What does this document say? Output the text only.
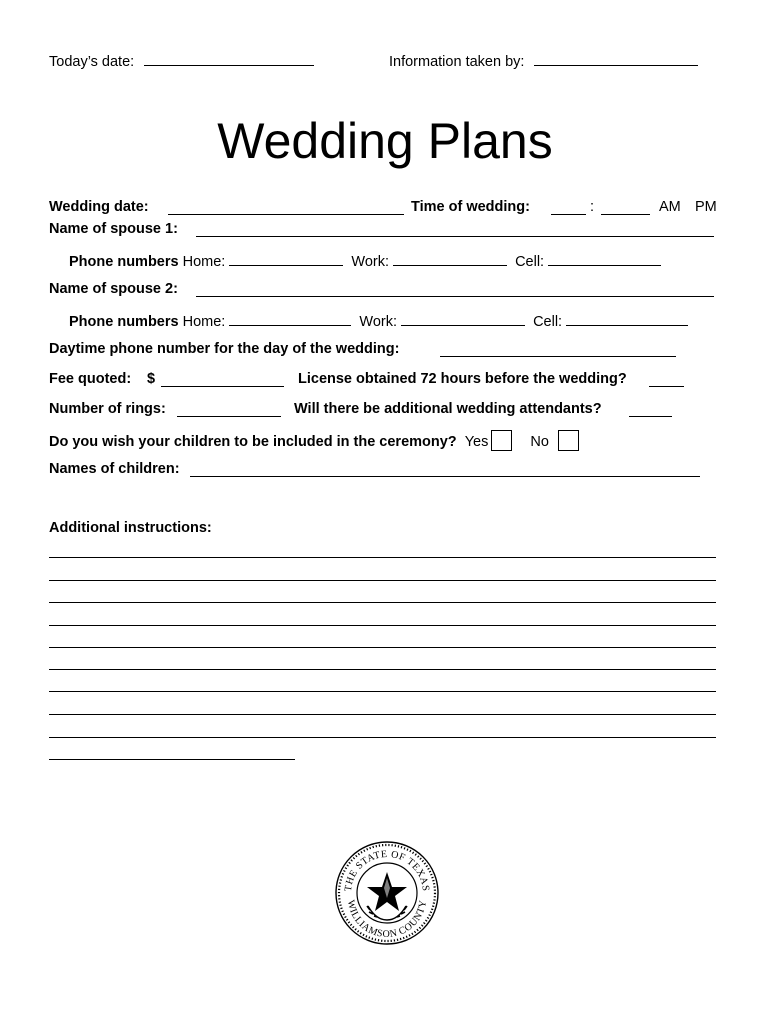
Today’s date:	Information taken by:
Wedding Plans
Wedding date:	Time of wedding:	:	AM PM
Name of spouse 1:
Phone numbers Home:	Work:	Cell:
Name of spouse 2:
Phone numbers Home:	Work:	Cell:
Daytime phone number for the day of the wedding:
Fee quoted: $	License obtained 72 hours before the wedding?
Number of rings:	Will there be additional wedding attendants?
Do you wish your children to be included in the ceremony? Yes	No
Names of children:
Additional instructions:
THE STATE OF TEXAS
WILLIAMSON COUNTY
